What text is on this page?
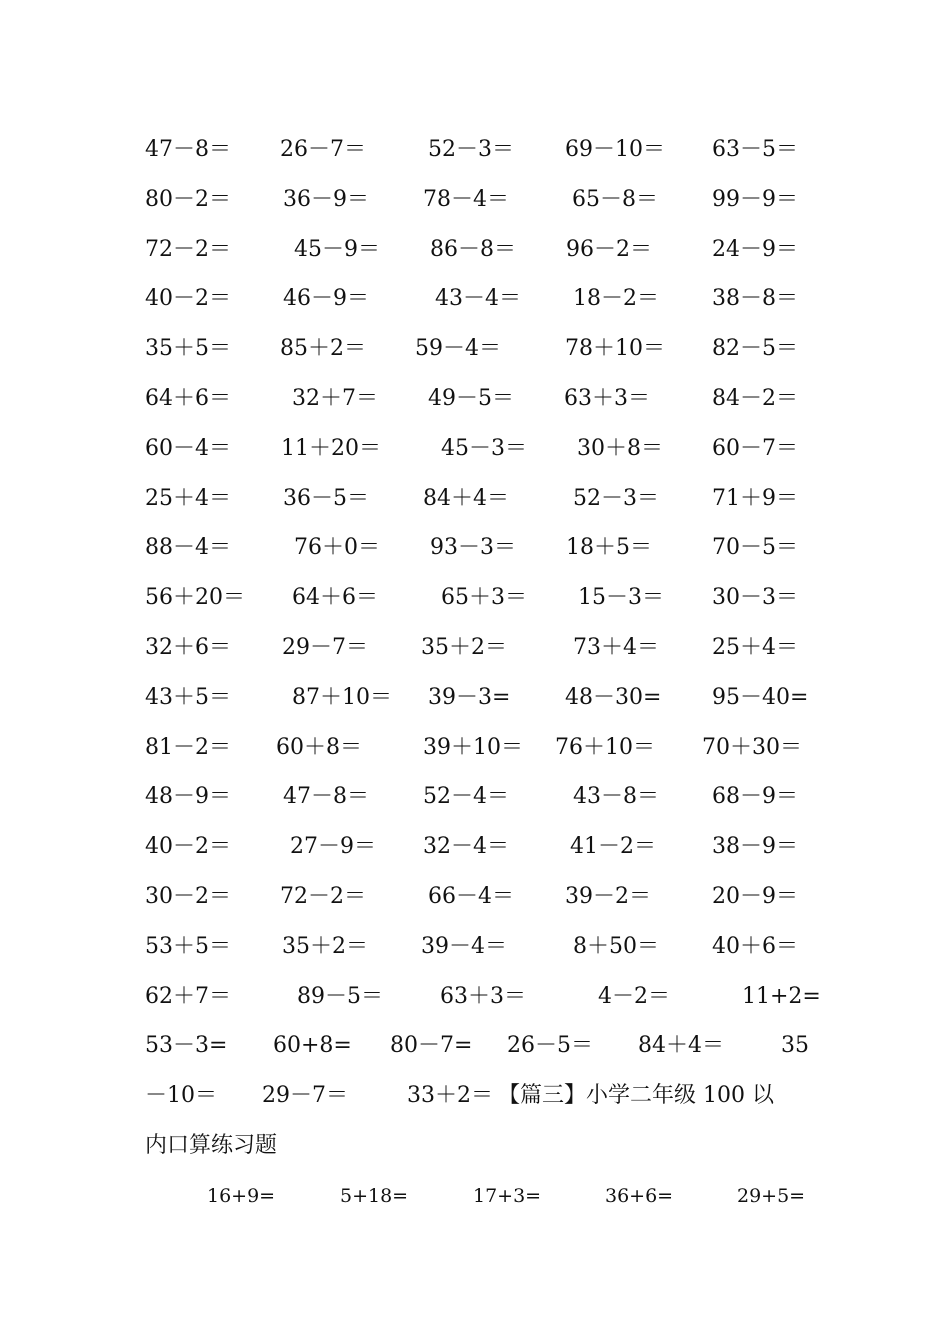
47－8＝ 26－7＝	52－3＝ 69－10＝ 63－5＝
80－2＝ 36－9＝ 78－4＝	65－8＝ 99－9＝
72－2＝	45－9＝ 86－8＝ 96－2＝	24－9＝
40－2＝ 46－9＝	43－4＝ 18－2＝ 38－8＝
35＋5＝ 85＋2＝ 59－4＝	78＋10＝ 82－5＝
64＋6＝	32＋7＝ 49－5＝ 63＋3＝	84－2＝
60－4＝ 11＋20＝	45－3＝ 30＋8＝ 60－7＝
25＋4＝ 36－5＝ 84＋4＝	52－3＝ 71＋9＝
88－4＝	76＋0＝ 93－3＝ 18＋5＝	70－5＝
56＋20＝ 64＋6＝	65＋3＝ 15－3＝ 30－3＝
32＋6＝ 29－7＝ 35＋2＝	73＋4＝ 25＋4＝
43＋5＝	87＋10＝ 39－3= 48－30= 95－40=
81－2＝ 60＋8＝	39＋10＝ 76＋10＝ 70＋30＝
48－9＝ 47－8＝ 52－4＝	43－8＝ 68－9＝
40－2＝	27－9＝ 32－4＝	41－2＝	38－9＝
30－2＝ 72－2＝	66－4＝ 39－2＝	20－9＝
53＋5＝ 35＋2＝ 39－4＝	8＋50＝ 40＋6＝
62＋7＝	89－5＝	63＋3＝	4－2＝	11+2=
53－3= 60+8= 80－7= 26－5＝ 84＋4＝	35
－10＝ 29－7＝	33＋2＝ 【篇三】小学二年级 100 以
内口算练习题
16+9=	5+18=	17+3=	36+6=	29+5=
